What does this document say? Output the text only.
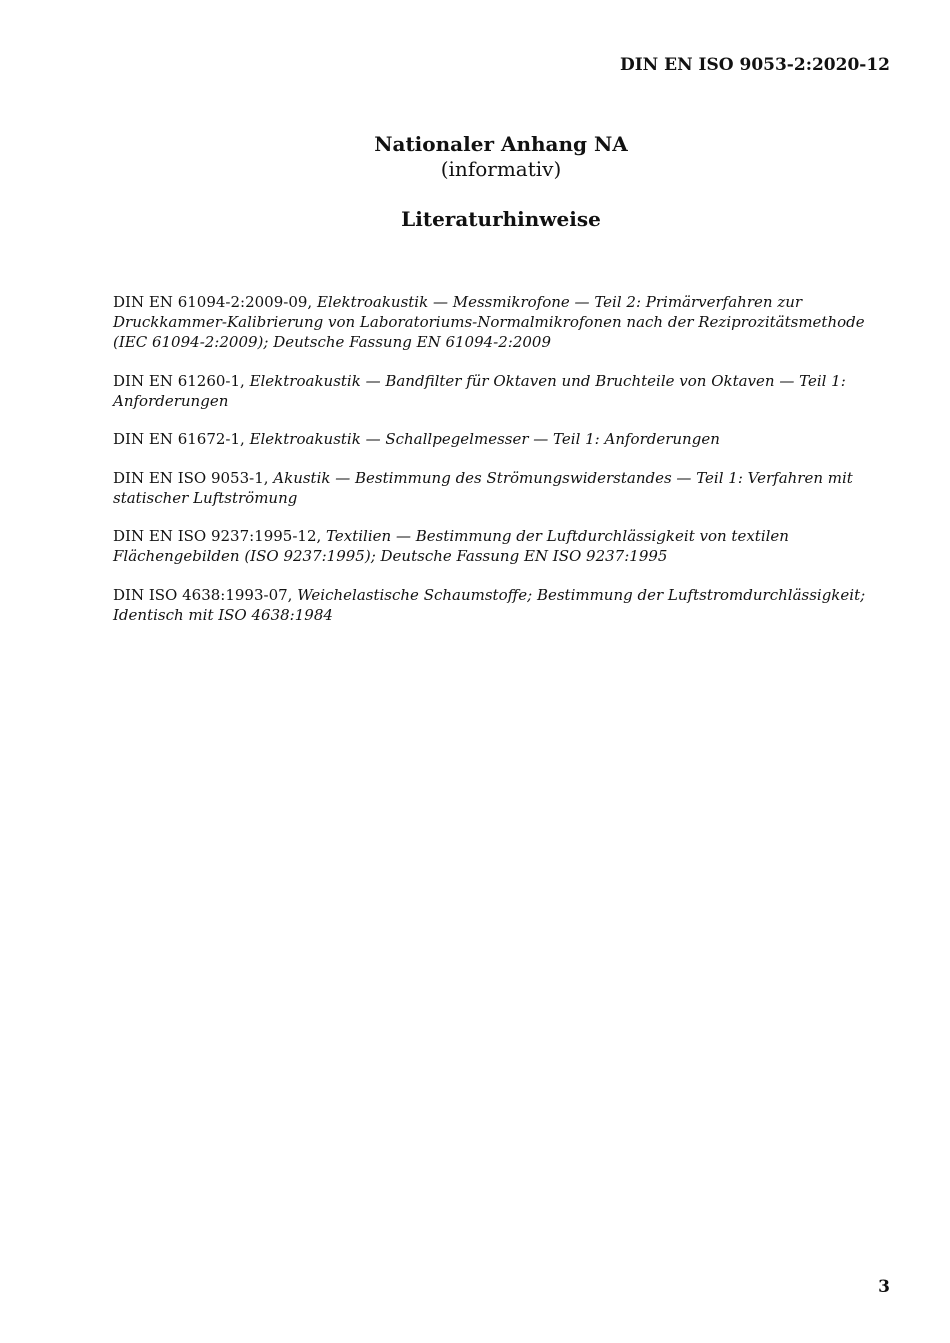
DIN EN ISO 9053-2:2020-12
Nationaler Anhang NA
(informativ)
Literaturhinweise
DIN EN 61094-2:2009-09, Elektroakustik — Messmikrofone — Teil 2: Primärverfahren zur Druckkammer-Kalibrierung von Laboratoriums-Normalmikrofonen nach der Reziprozitätsmethode (IEC 61094-2:2009); Deutsche Fassung EN 61094-2:2009
DIN EN 61260-1, Elektroakustik — Bandfilter für Oktaven und Bruchteile von Oktaven — Teil 1: Anforderungen
DIN EN 61672-1, Elektroakustik — Schallpegelmesser — Teil 1: Anforderungen
DIN EN ISO 9053-1, Akustik — Bestimmung des Strömungswiderstandes — Teil 1: Verfahren mit statischer Luftströmung
DIN EN ISO 9237:1995-12, Textilien — Bestimmung der Luftdurchlässigkeit von textilen Flächengebilden (ISO 9237:1995); Deutsche Fassung EN ISO 9237:1995
DIN ISO 4638:1993-07, Weichelastische Schaumstoffe; Bestimmung der Luftstromdurchlässigkeit; Identisch mit ISO 4638:1984
3
